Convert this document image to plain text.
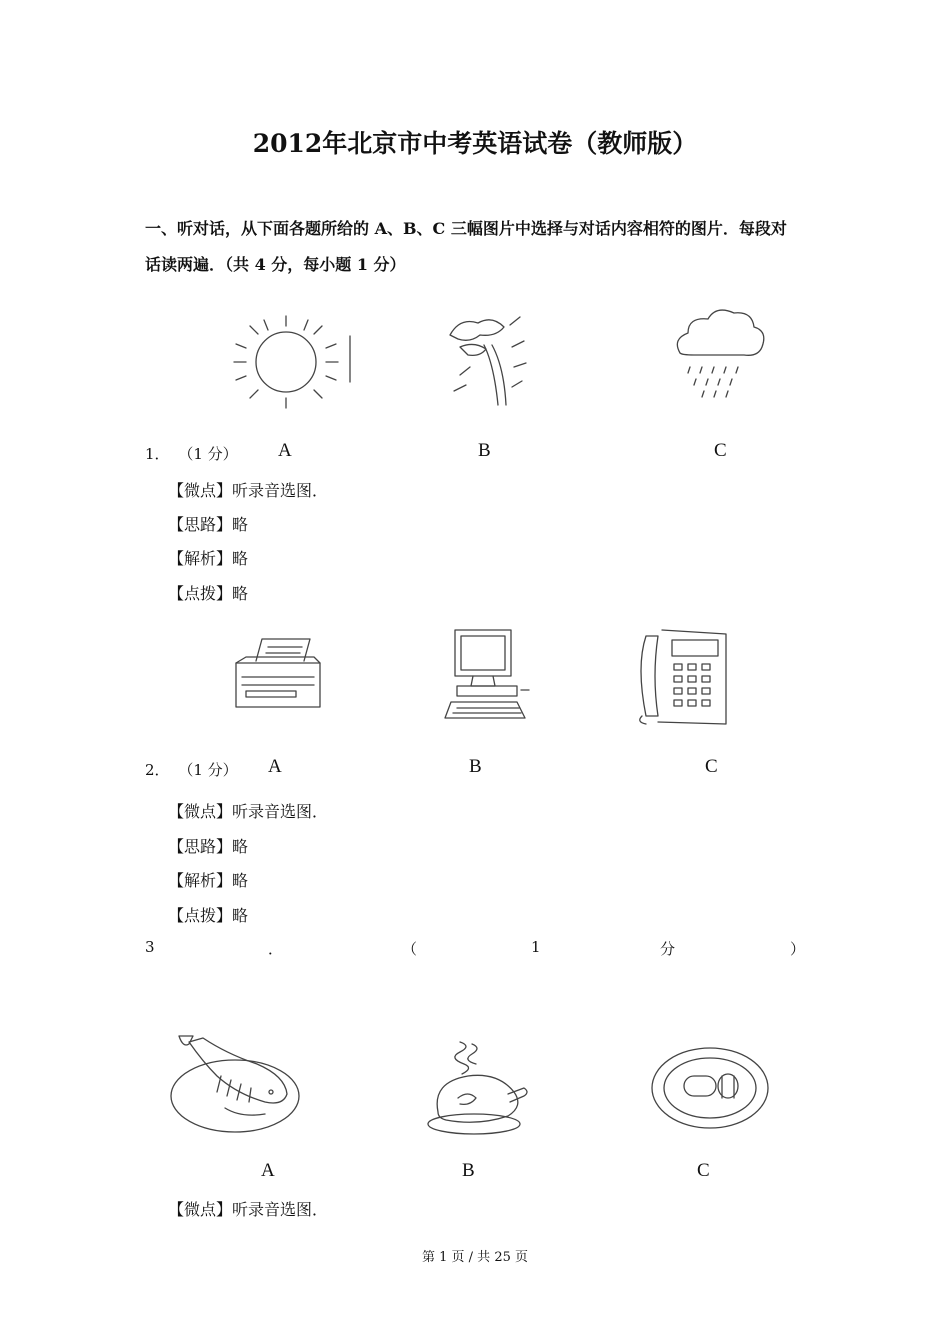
2012年北京市中考英语试卷（教师版）
一、听对话，从下面各题所给的 A、B、C 三幅图片中选择与对话内容相符的图片．每段对
话读两遍．（共 4 分，每小题 1 分）
1． （1 分） A	B	C
【微点】听录音选图．
【思路】略
【解析】略
【点拨】略
2． （1 分） A	B	C
【微点】听录音选图．
【思路】略
【解析】略
【点拨】略
3	．	（	1	分	）
A	B	C
【微点】听录音选图．
第 1 页 / 共 25 页
